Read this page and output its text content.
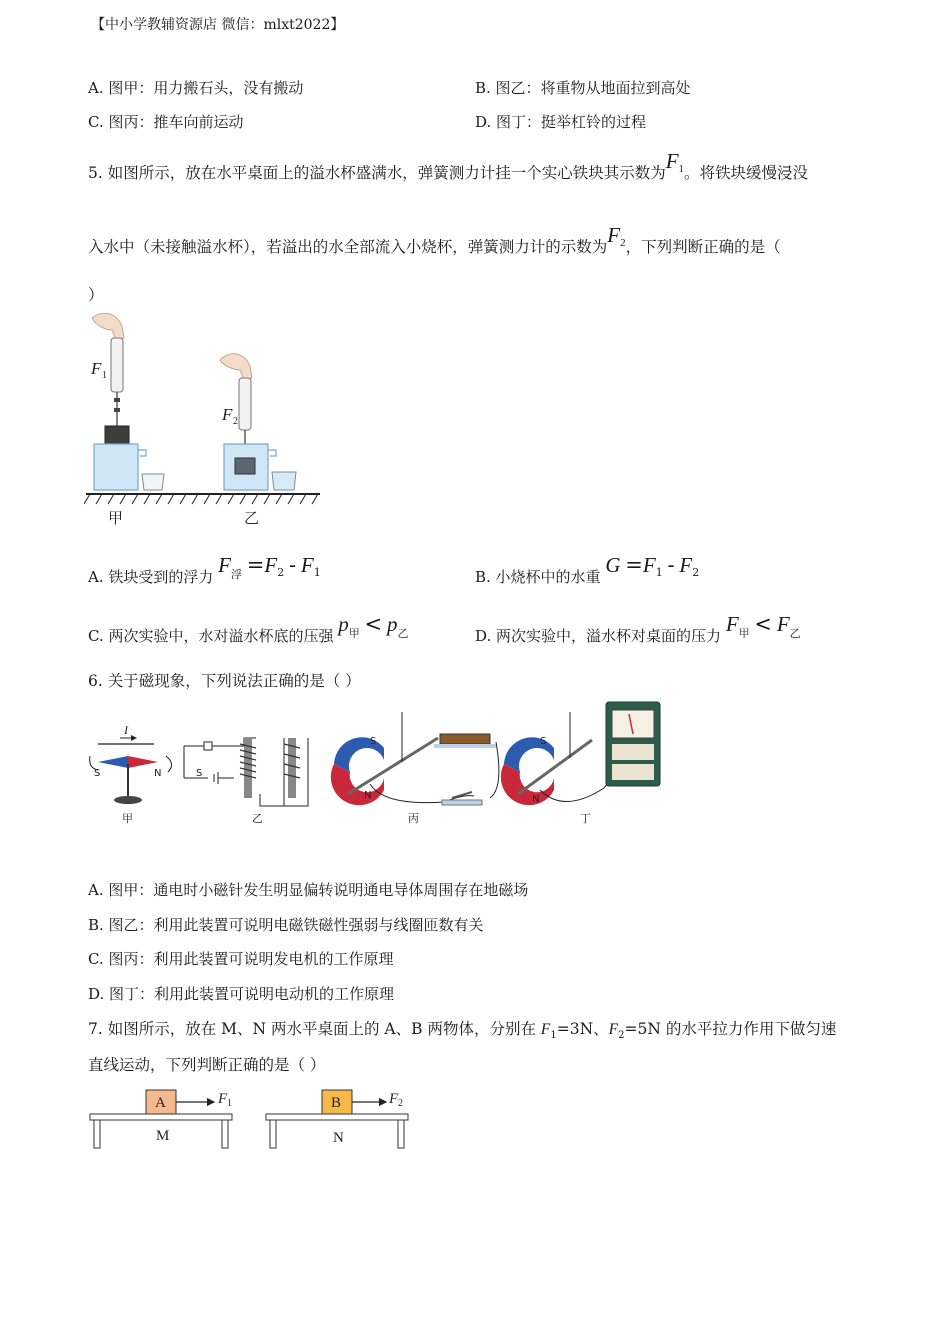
【中小学教辅资源店 微信：mlxt2022】
A. 图甲：用力搬石头，没有搬动	B. 图乙：将重物从地面拉到高处
C. 图丙：推车向前运动	D. 图丁：挺举杠铃的过程
5. 如图所示，放在水平桌面上的溢水杯盛满水，弹簧测力计挂一个实心铁块其示数为$F^1$。将铁块缓慢浸没
入水中（未接触溢水杯），若溢出的水全部流入小烧杯，弹簧测力计的示数为$F^2$，下列判断正确的是（
）
F 1
F 2
甲	乙
A. 铁块受到的浮力 $F^浮 =F^2 - F^1$	B. 小烧杯中的水重 $G =F^1 - F^2$
C. 两次实验中，水对溢水杯底的压强 $p^甲 < p^乙$	D. 两次实验中，溢水杯对桌面的压力 $F^甲 < F^乙$
6. 关于磁现象，下列说法正确的是（ ）
I
S	N
甲
S
乙
S
N
丙
S
N
丁
A. 图甲：通电时小磁针发生明显偏转说明通电导体周围存在地磁场
B. 图乙：利用此装置可说明电磁铁磁性强弱与线圈匝数有关
C. 图丙：利用此装置可说明发电机的工作原理
D. 图丁：利用此装置可说明电动机的工作原理
7. 如图所示，放在 M、N 两水平桌面上的 A、B 两物体，分别在 $F_1=3N$、$F_2=5N$ 的水平拉力作用下做匀速
直线运动，下列判断正确的是（ ）
A	F 1
M
B	F 2
N
